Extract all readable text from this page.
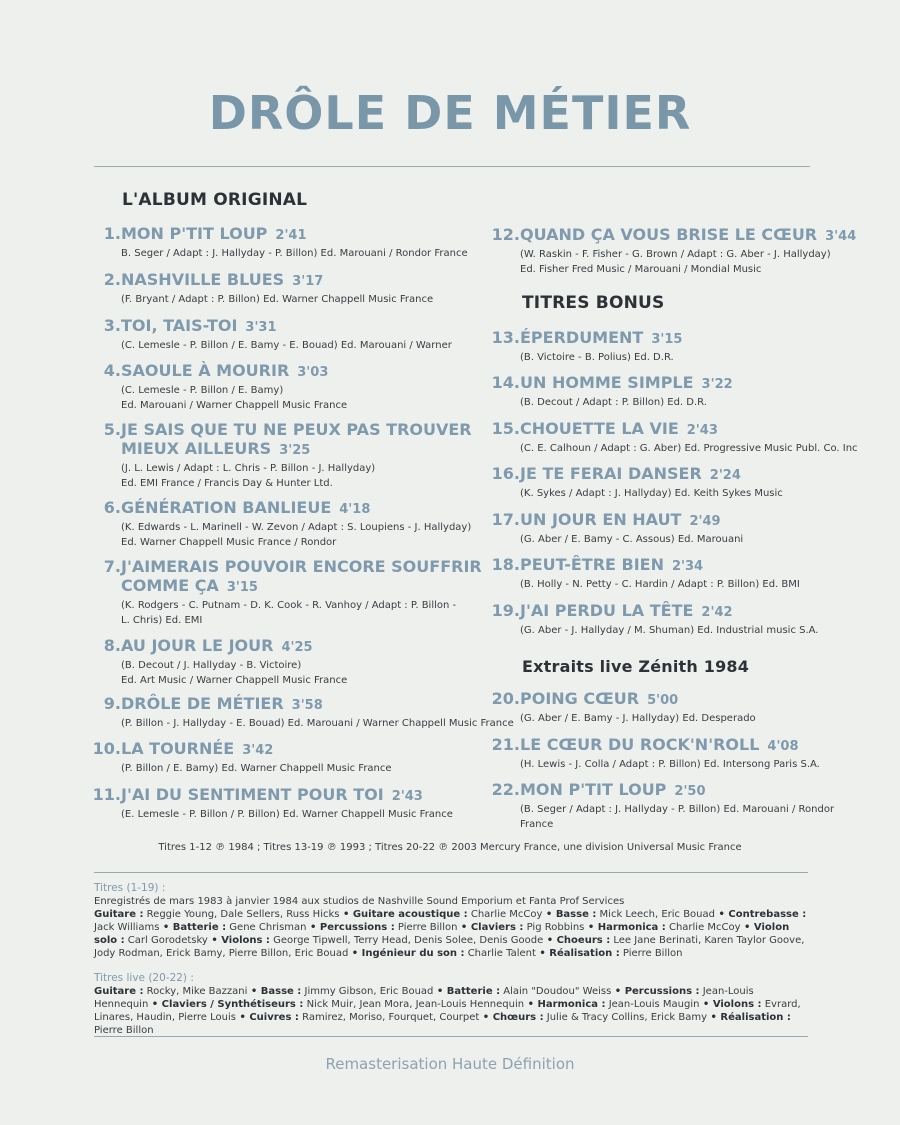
DRÔLE DE MÉTIER
L'ALBUM ORIGINAL
TITRES BONUS
Extraits live Zénith 1984
1.MON P'TIT LOUP 2'41
B. Seger / Adapt : J. Hallyday - P. Billon) Ed. Marouani / Rondor France
2.NASHVILLE BLUES 3'17
(F. Bryant / Adapt : P. Billon) Ed. Warner Chappell Music France
3.TOI, TAIS-TOI 3'31
(C. Lemesle - P. Billon / E. Bamy - E. Bouad) Ed. Marouani / Warner
4.SAOULE À MOURIR 3'03
(C. Lemesle - P. Billon / E. Bamy)
Ed. Marouani / Warner Chappell Music France
5.JE SAIS QUE TU NE PEUX PAS TROUVER
MIEUX AILLEURS 3'25
(J. L. Lewis / Adapt : L. Chris - P. Billon - J. Hallyday)
Ed. EMI France / Francis Day & Hunter Ltd.
6.GÉNÉRATION BANLIEUE 4'18
(K. Edwards - L. Marinell - W. Zevon / Adapt : S. Loupiens - J. Hallyday)
Ed. Warner Chappell Music France / Rondor
7.J'AIMERAIS POUVOIR ENCORE SOUFFRIR
COMME ÇA 3'15
(K. Rodgers - C. Putnam - D. K. Cook - R. Vanhoy / Adapt : P. Billon -
L. Chris) Ed. EMI
8.AU JOUR LE JOUR 4'25
(B. Decout / J. Hallyday - B. Victoire)
Ed. Art Music / Warner Chappell Music France
9.DRÔLE DE MÉTIER 3'58
(P. Billon - J. Hallyday - E. Bouad) Ed. Marouani / Warner Chappell Music France
10.LA TOURNÉE 3'42
(P. Billon / E. Bamy) Ed. Warner Chappell Music France
11.J'AI DU SENTIMENT POUR TOI 2'43
(E. Lemesle - P. Billon / P. Billon) Ed. Warner Chappell Music France
12.QUAND ÇA VOUS BRISE LE CŒUR 3'44
(W. Raskin - F. Fisher - G. Brown / Adapt : G. Aber - J. Hallyday)
Ed. Fisher Fred Music / Marouani / Mondial Music
13.ÉPERDUMENT 3'15
(B. Victoire - B. Polius) Ed. D.R.
14.UN HOMME SIMPLE 3'22
(B. Decout / Adapt : P. Billon) Ed. D.R.
15.CHOUETTE LA VIE 2'43
(C. E. Calhoun / Adapt : G. Aber) Ed. Progressive Music Publ. Co. Inc
16.JE TE FERAI DANSER 2'24
(K. Sykes / Adapt : J. Hallyday) Ed. Keith Sykes Music
17.UN JOUR EN HAUT 2'49
(G. Aber / E. Bamy - C. Assous) Ed. Marouani
18.PEUT-ÊTRE BIEN 2'34
(B. Holly - N. Petty - C. Hardin / Adapt : P. Billon) Ed. BMI
19.J'AI PERDU LA TÊTE 2'42
(G. Aber - J. Hallyday / M. Shuman) Ed. Industrial music S.A.
20.POING CŒUR 5'00
(G. Aber / E. Bamy - J. Hallyday) Ed. Desperado
21.LE CŒUR DU ROCK'N'ROLL 4'08
(H. Lewis - J. Colla / Adapt : P. Billon) Ed. Intersong Paris S.A.
22.MON P'TIT LOUP 2'50
(B. Seger / Adapt : J. Hallyday - P. Billon) Ed. Marouani / Rondor
France
Titres 1-12 ℗ 1984 ; Titres 13-19 ℗ 1993 ; Titres 20-22 ℗ 2003 Mercury France, une division Universal Music France
Titres (1-19) :
Enregistrés de mars 1983 à janvier 1984 aux studios de Nashville Sound Emporium et Fanta Prof Services
Guitare : Reggie Young, Dale Sellers, Russ Hicks • Guitare acoustique : Charlie McCoy • Basse : Mick Leech, Eric Bouad • Contrebasse : Jack Williams • Batterie : Gene Chrisman • Percussions : Pierre Billon • Claviers : Pig Robbins • Harmonica : Charlie McCoy • Violon solo : Carl Gorodetsky • Violons : George Tipwell, Terry Head, Denis Solee, Denis Goode • Choeurs : Lee Jane Berinati, Karen Taylor Goove, Jody Rodman, Erick Bamy, Pierre Billon, Eric Bouad • Ingénieur du son : Charlie Talent • Réalisation : Pierre Billon
Titres live (20-22) :
Guitare : Rocky, Mike Bazzani • Basse : Jimmy Gibson, Eric Bouad • Batterie : Alain "Doudou" Weiss • Percussions : Jean-Louis Hennequin • Claviers / Synthétiseurs : Nick Muir, Jean Mora, Jean-Louis Hennequin • Harmonica : Jean-Louis Maugin • Violons : Evrard, Linares, Haudin, Pierre Louis • Cuivres : Ramirez, Moriso, Fourquet, Courpet • Chœurs : Julie & Tracy Collins, Erick Bamy • Réalisation : Pierre Billon
Remasterisation Haute Définition
